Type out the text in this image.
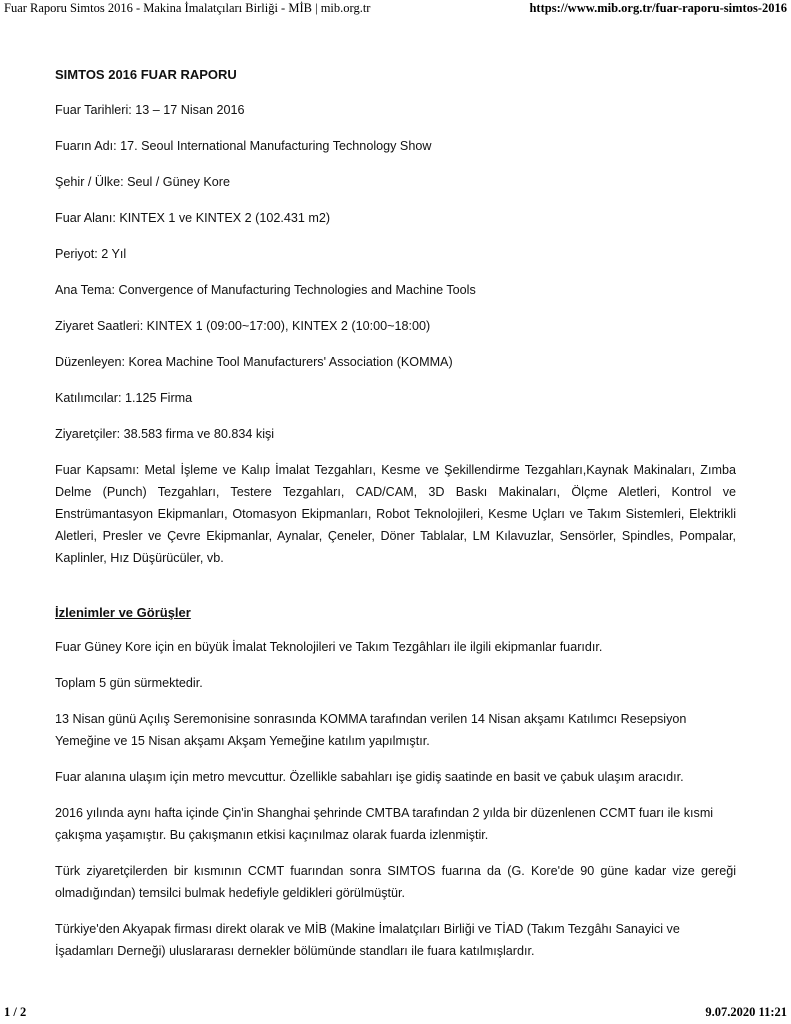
Fuar Raporu Simtos 2016 - Makina İmalatçıları Birliği - MİB | mib.org.tr	https://www.mib.org.tr/fuar-raporu-simtos-2016
SIMTOS 2016 FUAR RAPORU

Fuar Tarihleri: 13 – 17 Nisan 2016

Fuarın Adı: 17. Seoul International Manufacturing Technology Show

Şehir / Ülke: Seul / Güney Kore

Fuar Alanı: KINTEX 1 ve KINTEX 2 (102.431 m2)

Periyot: 2 Yıl

Ana Tema: Convergence of Manufacturing Technologies and Machine Tools

Ziyaret Saatleri: KINTEX 1 (09:00~17:00), KINTEX 2 (10:00~18:00)

Düzenleyen: Korea Machine Tool Manufacturers' Association (KOMMA)

Katılımcılar: 1.125 Firma

Ziyaretçiler: 38.583 firma ve 80.834 kişi

Fuar Kapsamı: Metal İşleme ve Kalıp İmalat Tezgahları, Kesme ve Şekillendirme Tezgahları,Kaynak Makinaları, Zımba Delme (Punch) Tezgahları, Testere Tezgahları, CAD/CAM, 3D Baskı Makinaları, Ölçme Aletleri, Kontrol ve Enstrümantasyon Ekipmanları, Otomasyon Ekipmanları, Robot Teknolojileri, Kesme Uçları ve Takım Sistemleri, Elektrikli Aletleri, Presler ve Çevre Ekipmanlar, Aynalar, Çeneler, Döner Tablalar, LM Kılavuzlar, Sensörler, Spindles, Pompalar, Kaplinler, Hız Düşürücüler, vb.

İzlenimler ve Görüşler

Fuar Güney Kore için en büyük İmalat Teknolojileri ve Takım Tezgâhları ile ilgili ekipmanlar fuarıdır.

Toplam 5 gün sürmektedir.

13 Nisan günü Açılış Seremonisine sonrasında KOMMA tarafından verilen 14 Nisan akşamı Katılımcı Resepsiyon Yemeğine ve 15 Nisan akşamı Akşam Yemeğine katılım yapılmıştır.

Fuar alanına ulaşım için metro mevcuttur. Özellikle sabahları işe gidiş saatinde en basit ve çabuk ulaşım aracıdır.

2016 yılında aynı hafta içinde Çin'in Shanghai şehrinde CMTBA tarafından 2 yılda bir düzenlenen CCMT fuarı ile kısmi çakışma yaşamıştır. Bu çakışmanın etkisi kaçınılmaz olarak fuarda izlenmiştir.

Türk ziyaretçilerden bir kısmının CCMT fuarından sonra SIMTOS fuarına da (G. Kore'de 90 güne kadar vize gereği olmadığından) temsilci bulmak hedefiyle geldikleri görülmüştür.

Türkiye'den Akyapak firması direkt olarak ve MİB (Makine İmalatçıları Birliği ve TİAD (Takım Tezgâhı Sanayici ve İşadamları Derneği) uluslararası dernekler bölümünde standları ile fuara katılmışlardır.

1 / 2	9.07.2020 11:21
